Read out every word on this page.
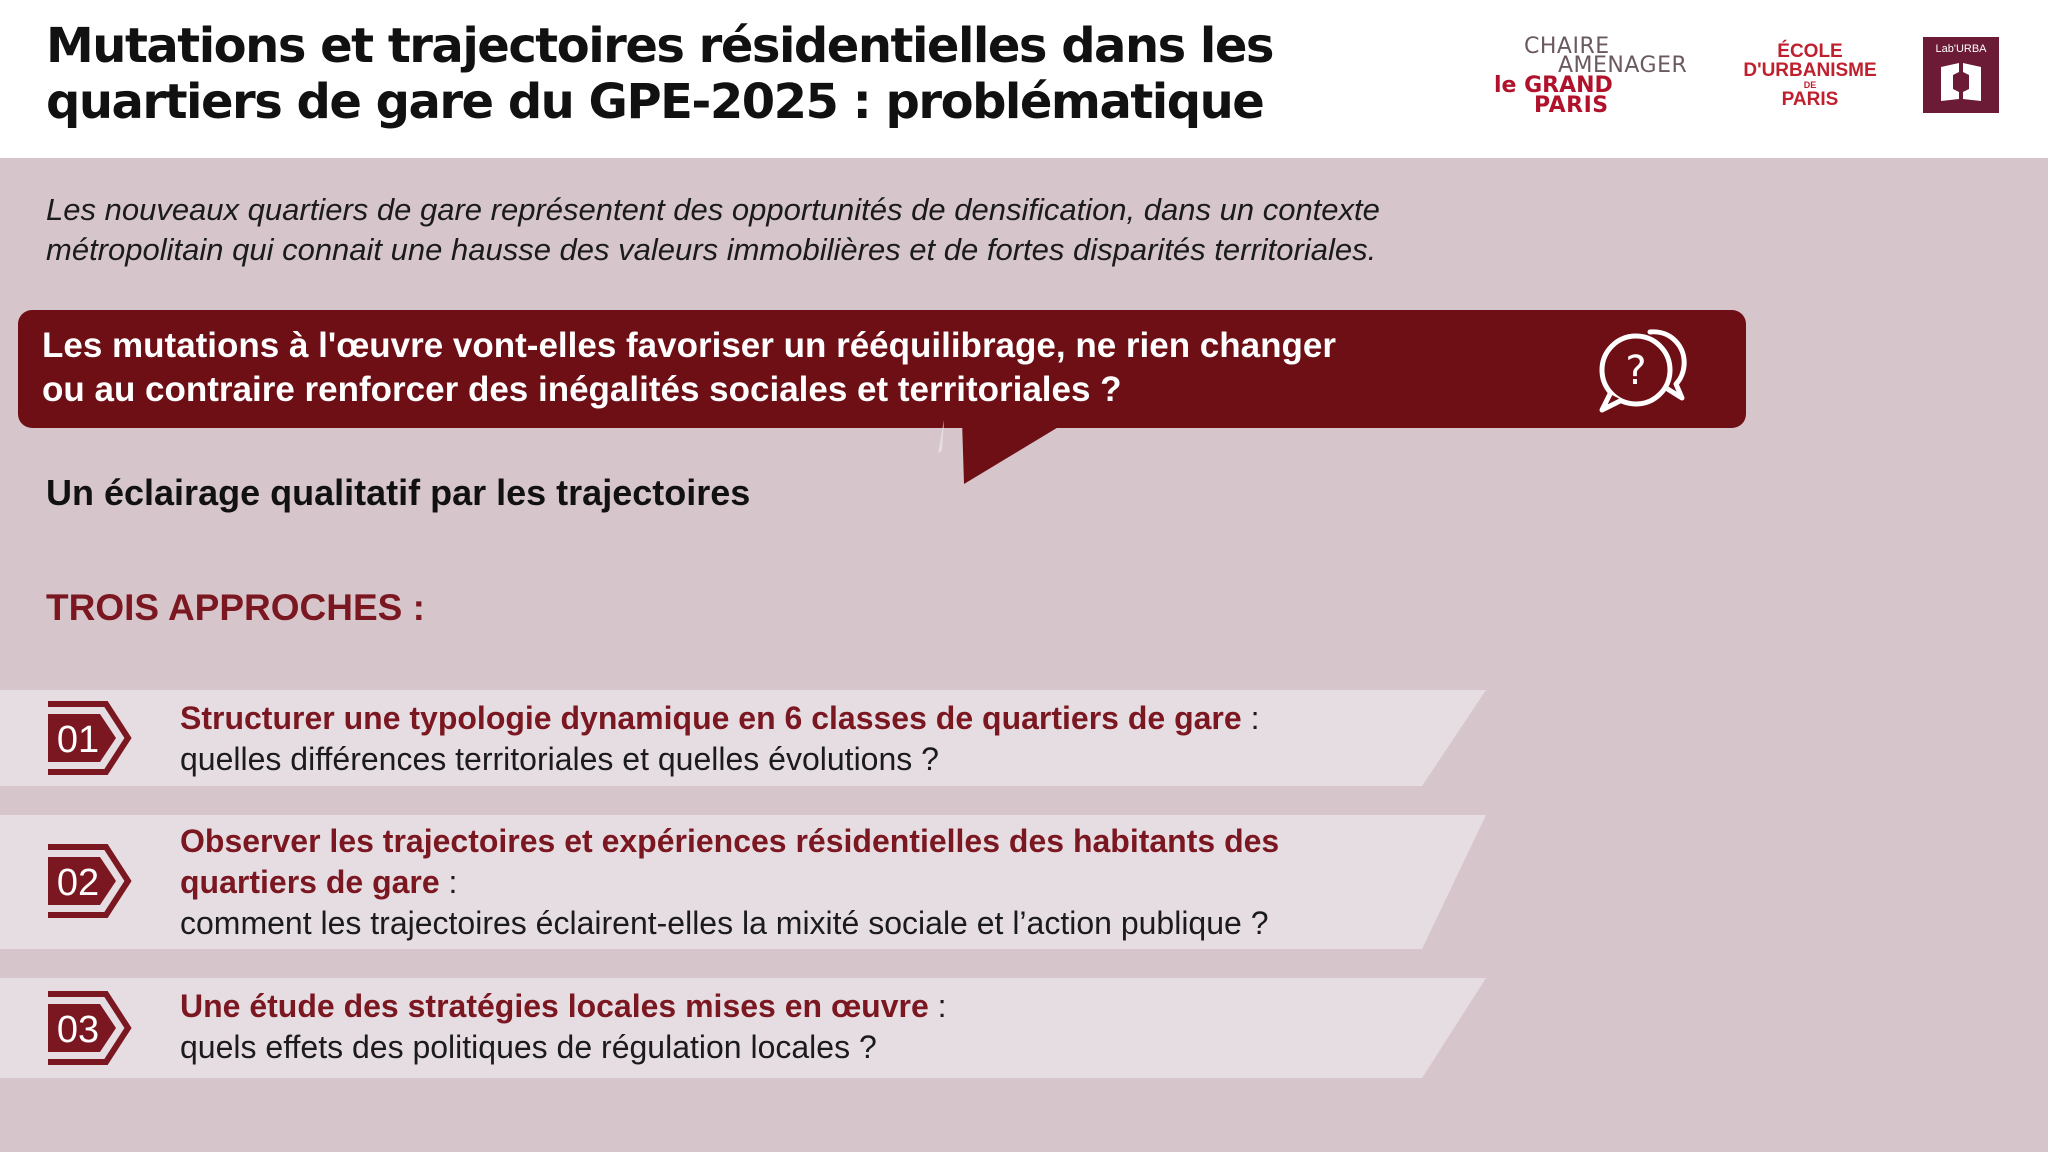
Mutations et trajectoires résidentielles dans les
quartiers de gare du GPE-2025 : problématique
CHAIRE
AMENAGER
le GRAND
PARIS
ÉCOLE
D'URBANISME
DE
PARIS
Lab'URBA

Les nouveaux quartiers de gare représentent des opportunités de densification, dans un contexte
métropolitain qui connait une hausse des valeurs immobilières et de fortes disparités territoriales.

Les mutations à l'œuvre vont-elles favoriser un rééquilibrage, ne rien changer
ou au contraire renforcer des inégalités sociales et territoriales ?	?
Un éclairage qualitatif par les trajectoires
TROIS APPROCHES :
01
Structurer une typologie dynamique en 6 classes de quartiers de gare :
quelles différences territoriales et quelles évolutions ?
02
Observer les trajectoires et expériences résidentielles des habitants des
quartiers de gare :
comment les trajectoires éclairent-elles la mixité sociale et l’action publique ?
03
Une étude des stratégies locales mises en œuvre :
quels effets des politiques de régulation locales ?
